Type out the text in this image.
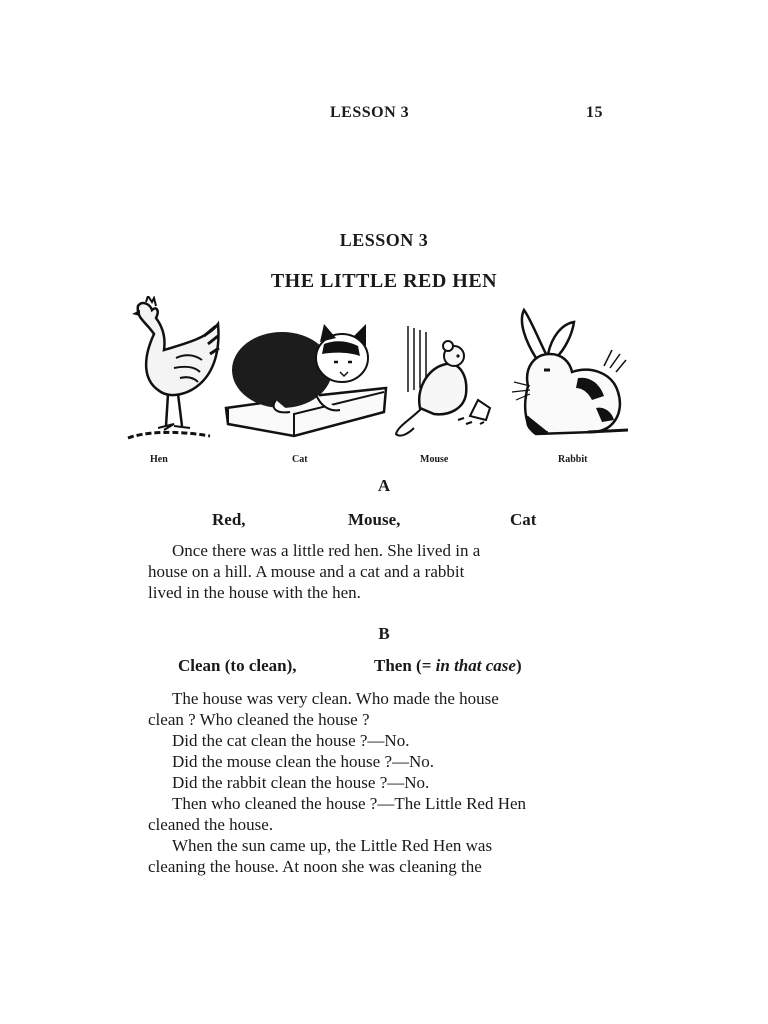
LESSON 3	15
LESSON 3
THE LITTLE RED HEN
Hen	Cat	Mouse	Rabbit
A
Red,	Mouse,	Cat
Once there was a little red hen. She lived in a
house on a hill. A mouse and a cat and a rabbit
lived in the house with the hen.
B
Clean (to clean),	Then (= in that case)
The house was very clean. Who made the house
clean ? Who cleaned the house ?
Did the cat clean the house ?—No.
Did the mouse clean the house ?—No.
Did the rabbit clean the house ?—No.
Then who cleaned the house ?—The Little Red Hen
cleaned the house.
When the sun came up, the Little Red Hen was
cleaning the house. At noon she was cleaning the
